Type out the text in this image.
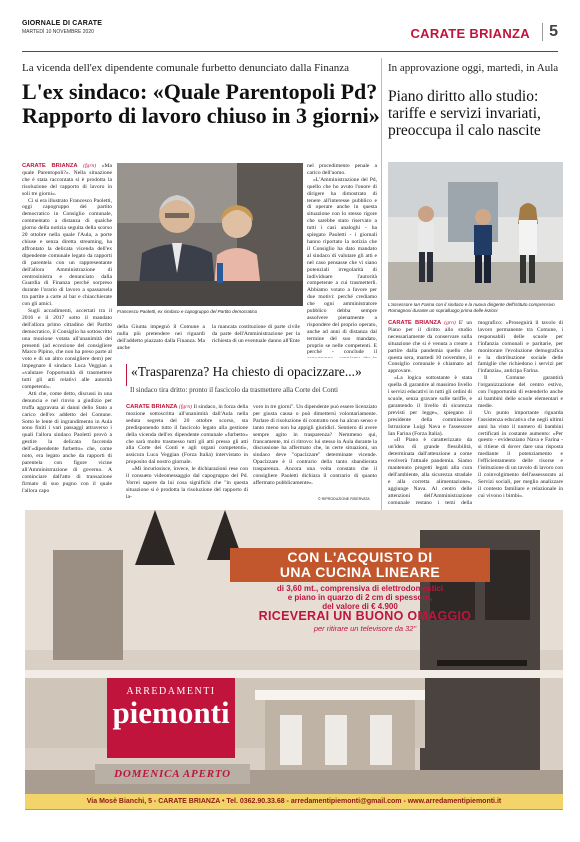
GIORNALE DI CARATE
MARTEDÌ 10 NOVEMBRE 2020	CARATE BRIANZA	5
La vicenda dell'ex dipendente comunale furbetto denunciato dalla Finanza
L'ex sindaco: «Quale Parentopoli Pd?
Rapporto di lavoro chiuso in 3 giorni»
In approvazione oggi, martedì, in Aula
Piano diritto allo studio:
tariffe e servizi invariati,
preoccupa il calo nascite
CARATE BRIANZA (fgrn) «Ma quale Parentopoli?». Nella situazione che è stata raccontata si è prodotta la risoluzione del rapporto di lavoro in soli tre giorni».

Ci si era illustrato Francesco Paoletti, oggi capogruppo del partito democratico in Consiglio comunale, commentato a distanza di qualche giorno della notizia seguita della scorso 20 ottobre nella quale l'Aula, a porte chiuse e senza diretta streaming, ha affrontato la delicata vicenda dell'ex dipendente comunale legato da rapporti di parentela con un rappresentante dell'allora Amministrazione di centrosinistra e denunciato dalla Guardia di Finanza perché sorpreso durante l'orario di lavoro a spassarsela tra partite a carte al bar e chiacchierate con gli amici.

Sugli accadimenti, accertati tra il 2016 e il 2017 sotto il mandato dell'allora primo cittadino del Partito democratico, il Consiglio ha sottoscritto una mozione votata all'unanimità dei presenti (ad eccezione del consigliere Marco Pipino, che non ha preso parte al voto e di un altro consigliere dem) per impegnare il sindaco Luca Veggian a «valutare l'opportunità di trasmettere tutti gli atti relativi alle autorità competenti».

Atti che, come detto, discussi in una denuncia e nel rinvio a giudizio per truffa aggravata ai danni dello Stato a carico dell'ex addetto del Comune. Sotto le lente di ingrandimento in Aula sono finiti i vari passaggi attraverso i quali l'allora sindaco Paoletti provò a gestire la delicata faccenda dell'«dipendente furbetto» che, come noto, era legato anche da rapporti di parentela con figure vicine all'Amministrazione di governo. A cominciare dall'atto di transazione firmato di suo pugno con il quale l'allora capo

Francesco Paoletti, ex sindaco e capogruppo del Partito democratico
della Giunta impegnò il Comune a nulla più pretendere nei riguardi dell'addetto piazzato dalla Finanza. Ma anche
la mancata costituzione di parte civile da parte dell'Amministrazione per la richiesta di un eventuale danno all'Ente

nel procedimento penale a carico dell'uomo.

«L'Amministrazione del Pd, quello che ho avuto l'onore di dirigere ha dimostrato di tenere all'interesse pubblico e di operare anche in questa situazione con lo stesso rigore che sarebbe stato riservato a tutti i casi analoghi - ha spiegato Paoletti - i giornali hanno riportato la notizia che il Consiglio ha dato mandato al sindaco di valutare gli atti e nel caso pensasse che vi siano potenziali irregolarità di individuare l'autorità competente a cui trasmetterli. Abbiamo votato a favore per due motivi: perché crediamo che ogni amministratore pubblico debba sempre assolvere pienamente a rispondere del proprio operato, anche ad anni di distanza dal termine del suo mandato, proprio se nelle competenti. E perché - conclude il

«Trasparenza? Ha chiesto di opacizzare...»
Il sindaco tira dritto: pronto il fascicolo da trasmettere alla Corte dei Conti
CARATE BRIANZA (fgrn) Il sindaco, in forza della mozione sottoscritta all'unanimità dall'Aula nella seduta segreta del 20 ottobre scorso, sta predisponendo tutto il fascicolo legato alla gestione della vicenda dell'ex dipendente comunale «furbetto» che sarà molto trasmesso tutti gli atti presso gli atti alla Corte dei Conti e agli organi competenti», assicura Luca Veggian (Forza Italia) intervistato in proposito dal nostro giornale.

«Mi incuriosisce, invece, le dichiarazioni rese con il consueto videomessaggio dal capogruppo del Pd. Vorrei sapere da lui cosa significhi che "in questa situazione si è prodotta la risoluzione del rapporto di la-

voro in tre giorni". Un dipendente può essere licenziato per giusta causa o può dimettersi volontariamente. Parlare di risoluzione di contratto non ha alcun senso e tanto meno non ha appigli giuridici. Sentiero di averе sempre agito in trasparenza? Nemmeno qui, francamente, mi ci ritrovo: lui stesso in Aula durante la discussione ha affermato che, in certe situazioni, un sindaco deve "opacizzare" determinate vicende. Opacizzare è il contrario della tanto sbandierata trasparenza. Ancora una volta constato che il consigliere Paoletti dichiara il contrario di quanto affermato pubblicamente».
© RIPRODUZIONE RISERVATA
L'assessore Ian Farina con il sindaco e la nuova dirigente dell'istituto comprensivo Romagnosi durante un sopralluogo prima delle lezioni
CARATE BRIANZA (grn) E' un Piano per il diritto allo studio necessariamente da conservare sulla situazione che si è venuta a creare a partire dalla pandemia quello che questa sera, martedì 10 novembre, il Consiglio comunale è chiamato ad approvare.

«La logica sottostante è stata quella di garantire al massimo livello i servizi educativi in tutti gli ordini di scuole, senza gravare sulle tariffe, e garantendo il livello di sicurezza previsti per legge», spiegano il presidente della commissione Istruzione Luigi Nava e l'assessore Ian Farina (Forza Italia).

«Il Piano è caratterizzato da un'idea di grande flessibilità, determinata dall'attenzione a come evolverà l'attuale pandemia. Siamo mantenuto progetti legati alla cura dell'ambiente, alla sicurezza stradale e alla corretta alimentazione», aggiunge Nava. Al centro delle attenzioni dell'Amministrazione comunale restano i temi della

mografico: «Proseguirà il tavolo di lavoro permanente tra Comune, i responsabili delle scuole per l'infanzia comunali e paritarie, per monitorare l'evoluzione demografica e la distribuzione sociale delle famiglie che richiedono i servizi per l'infanzia», anticipa Farina.

Il Comune garantirà l'organizzazione del centro estivo, con l'opportunità di estenderlo anche ai bambini delle scuole elementari e medie.

Un punto importante riguarda l'assistenza educativa che negli ultimi anni ha visto il numero di bambini certificati in costante aumento: «Per questo - evidenziano Nava e Farina - si ritiene di dover dare una risposta mediante il potenziamento e l'efficientamento delle risorse e l'istituzione di un tavolo di lavoro con il coinvolgimento dell'assessorato ai Servizi sociali, per meglio analizzare il contesto familiare e relazionale in cui vivono i bimbi».

CON L'ACQUISTO DI
UNA CUCINA LINEARE
di 3,60 mt., comprensiva di elettrodomestici
e piano in quarzo di 2 cm di spessore,
del valore di € 4.900
RICEVERAI UN BUONO OMAGGIO
per ritirare un televisore da 32"
ARREDAMENTI
piemonti
DOMENICA APERTO
Via Mosè Bianchi, 5 - CARATE BRIANZA • Tel. 0362.90.33.68 - arredamentipiemonti@gmail.com - www.arredamentipiemonti.it
